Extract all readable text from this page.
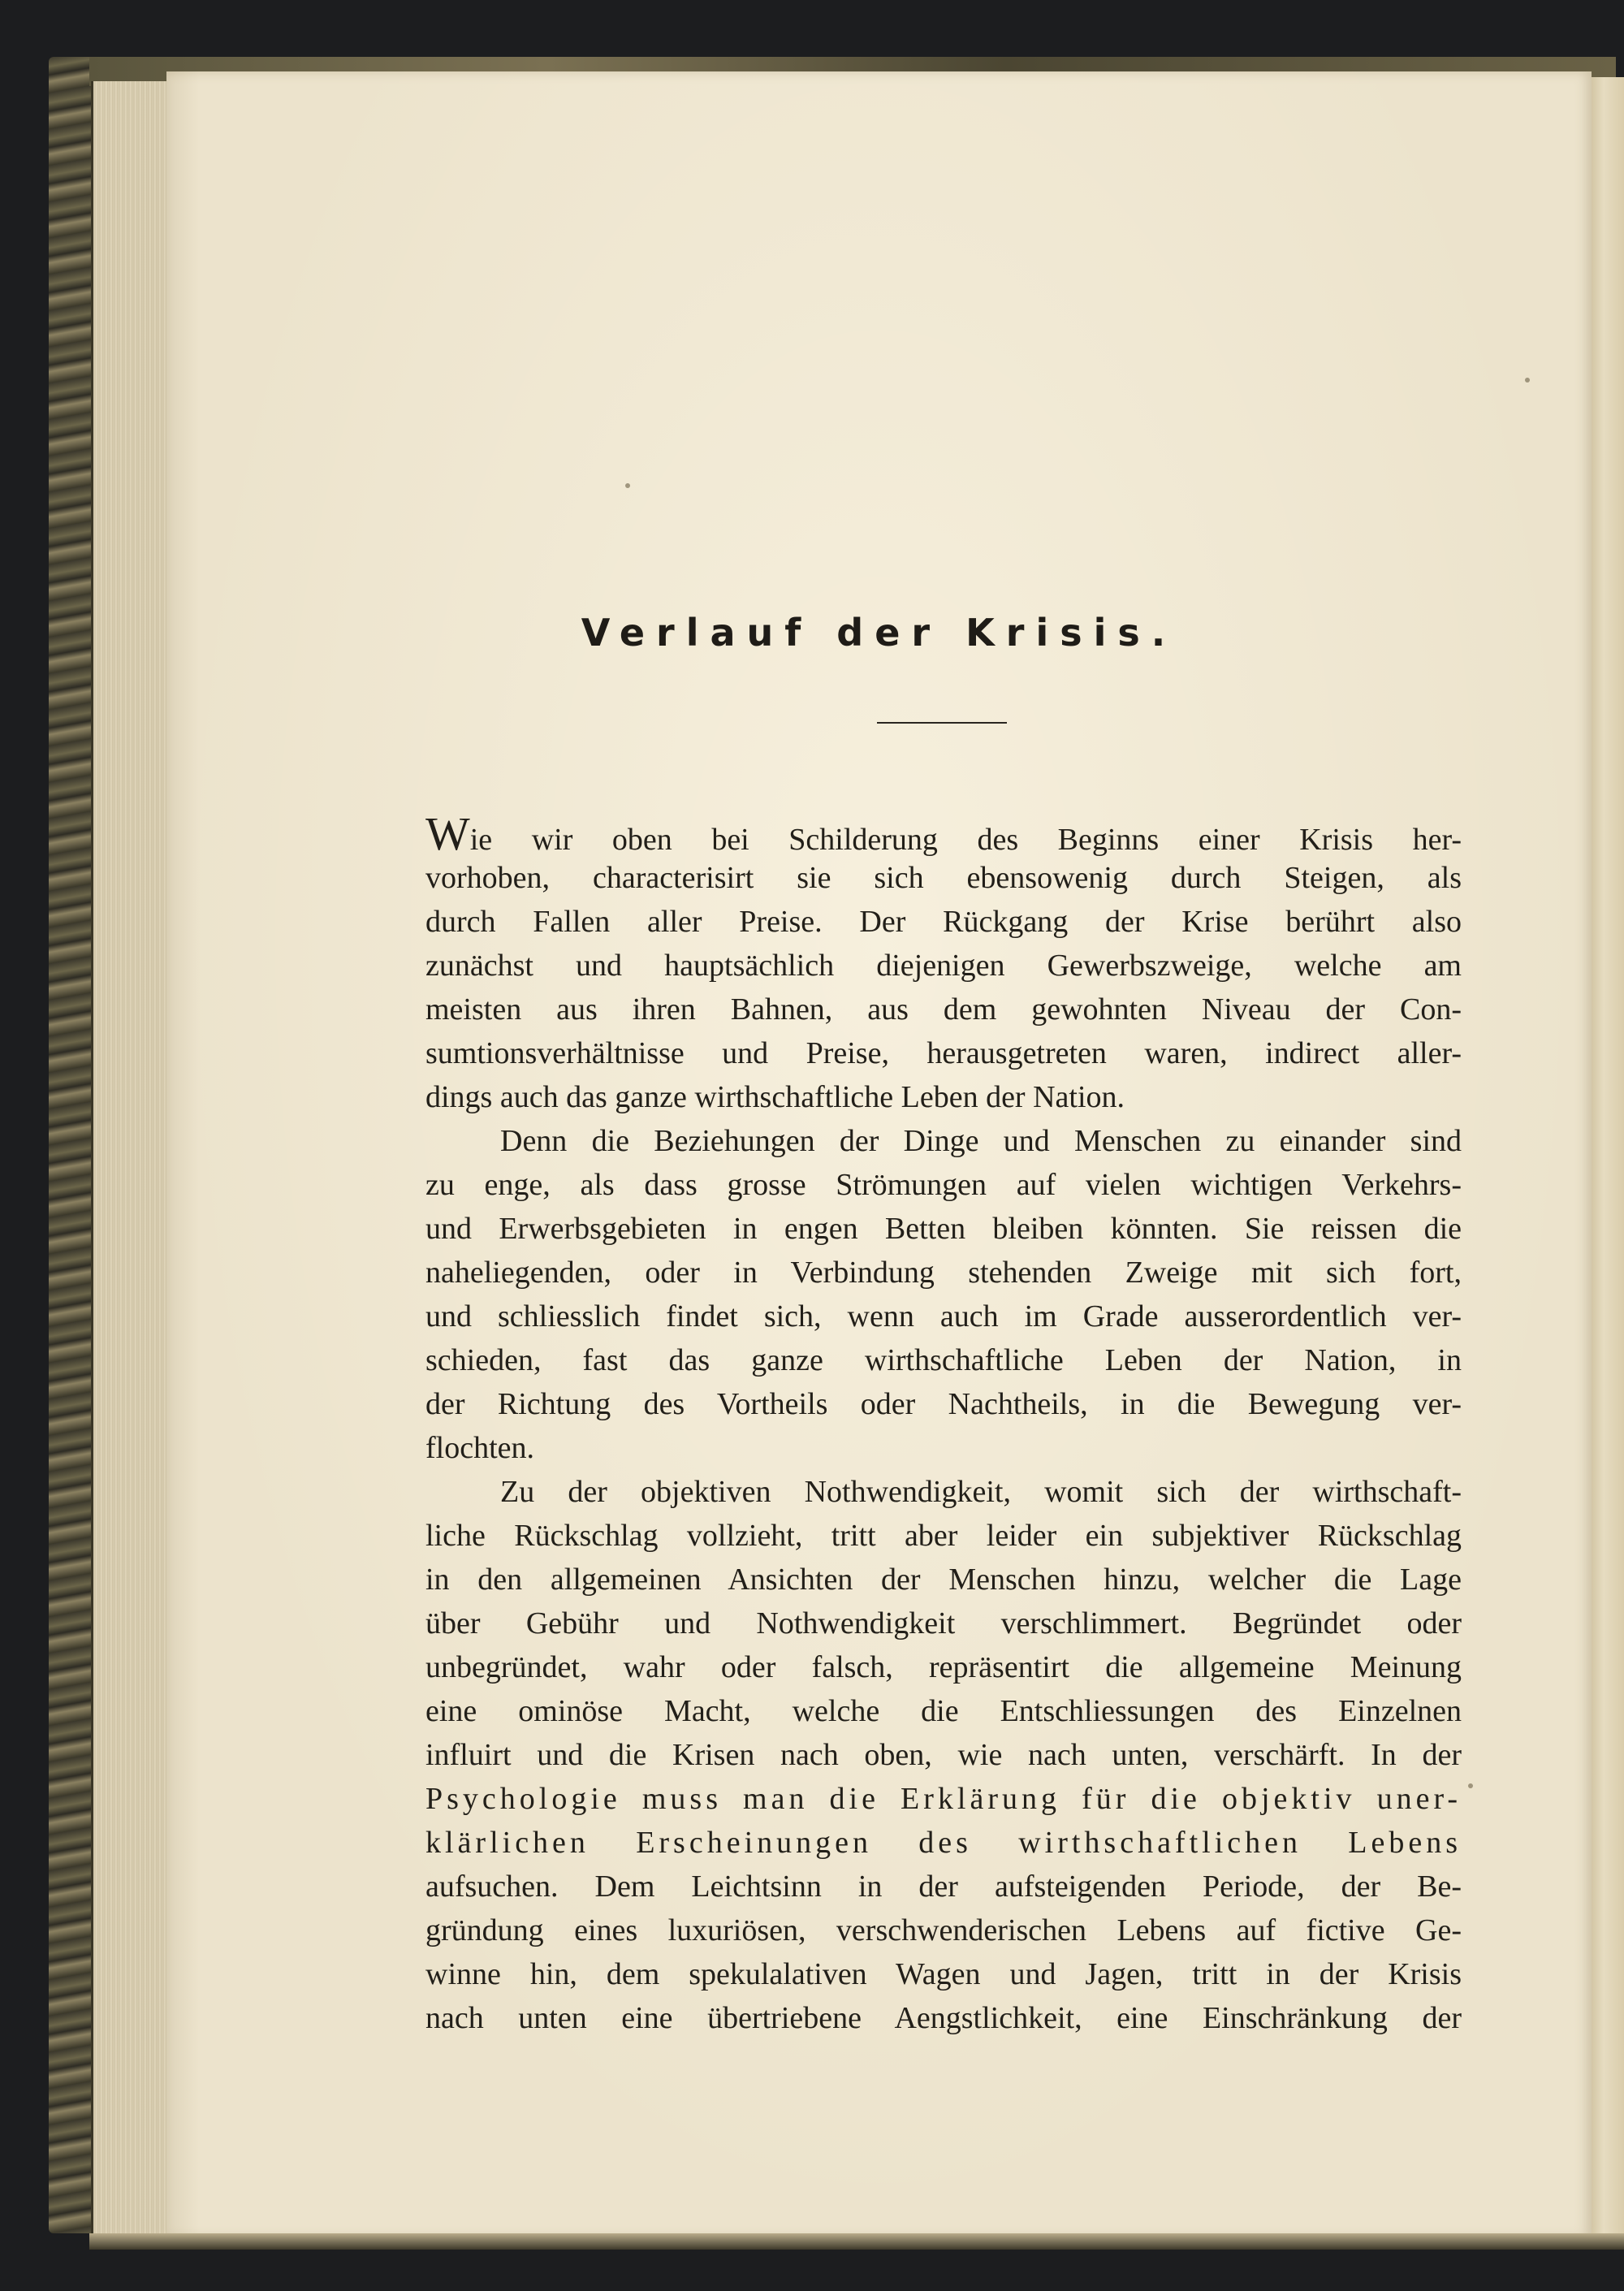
Verlauf der Krisis.
Wie wir oben bei Schilderung des Beginns einer Krisis her-
vorhoben, characterisirt sie sich ebensowenig durch Steigen, als
durch Fallen aller Preise. Der Rückgang der Krise berührt also
zunächst und hauptsächlich diejenigen Gewerbszweige, welche am
meisten aus ihren Bahnen, aus dem gewohnten Niveau der Con-
sumtionsverhältnisse und Preise, herausgetreten waren, indirect aller-
dings auch das ganze wirthschaftliche Leben der Nation.
Denn die Beziehungen der Dinge und Menschen zu einander sind
zu enge, als dass grosse Strömungen auf vielen wichtigen Verkehrs-
und Erwerbsgebieten in engen Betten bleiben könnten. Sie reissen die
naheliegenden, oder in Verbindung stehenden Zweige mit sich fort,
und schliesslich findet sich, wenn auch im Grade ausserordentlich ver-
schieden, fast das ganze wirthschaftliche Leben der Nation, in
der Richtung des Vortheils oder Nachtheils, in die Bewegung ver-
flochten.
Zu der objektiven Nothwendigkeit, womit sich der wirthschaft-
liche Rückschlag vollzieht, tritt aber leider ein subjektiver Rückschlag
in den allgemeinen Ansichten der Menschen hinzu, welcher die Lage
über Gebühr und Nothwendigkeit verschlimmert. Begründet oder
unbegründet, wahr oder falsch, repräsentirt die allgemeine Meinung
eine ominöse Macht, welche die Entschliessungen des Einzelnen
influirt und die Krisen nach oben, wie nach unten, verschärft. In der
Psychologie muss man die Erklärung für die objektiv uner-
klärlichen Erscheinungen des wirthschaftlichen Lebens
aufsuchen. Dem Leichtsinn in der aufsteigenden Periode, der Be-
gründung eines luxuriösen, verschwenderischen Lebens auf fictive Ge-
winne hin, dem spekulalativen Wagen und Jagen, tritt in der Krisis
nach unten eine übertriebene Aengstlichkeit, eine Einschränkung der
